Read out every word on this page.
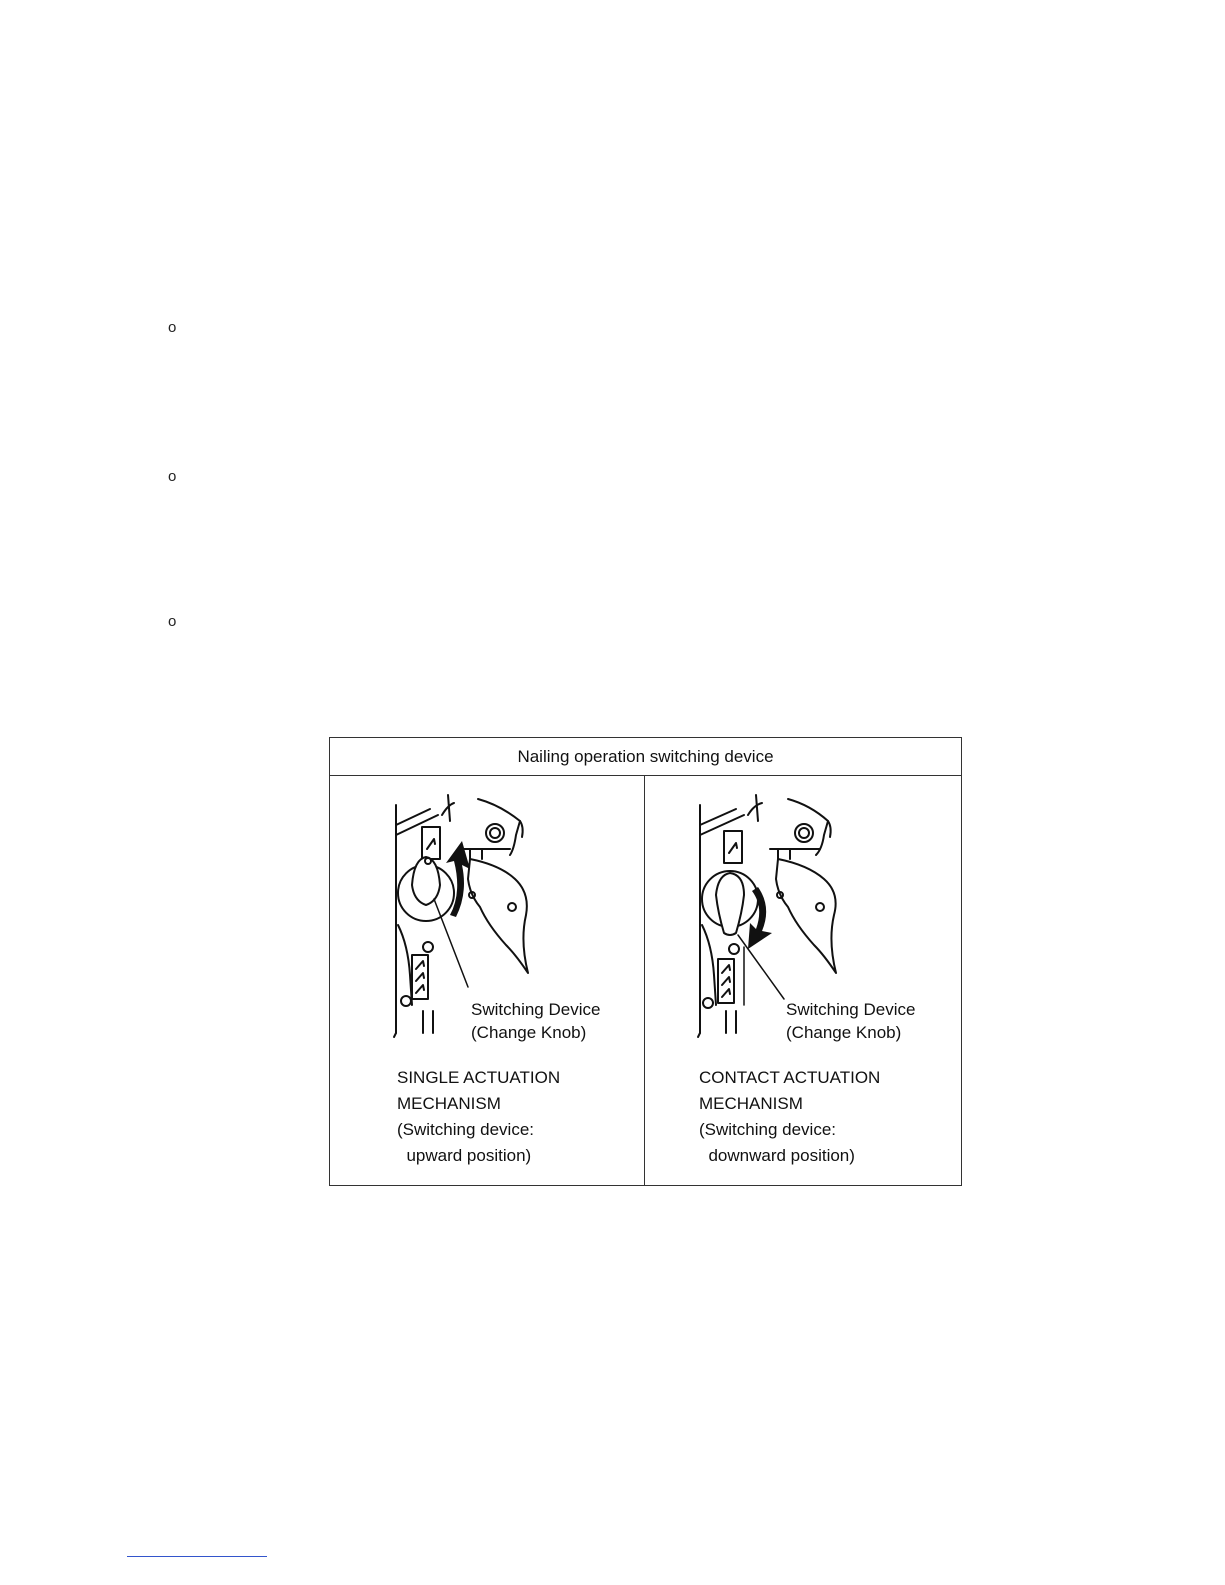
o
o
o
Nailing operation switching device
Switching Device
(Change Knob)
SINGLE ACTUATION
MECHANISM
(Switching device:
upward position)
Switching Device
(Change Knob)
CONTACT ACTUATION
MECHANISM
(Switching device:
downward position)
